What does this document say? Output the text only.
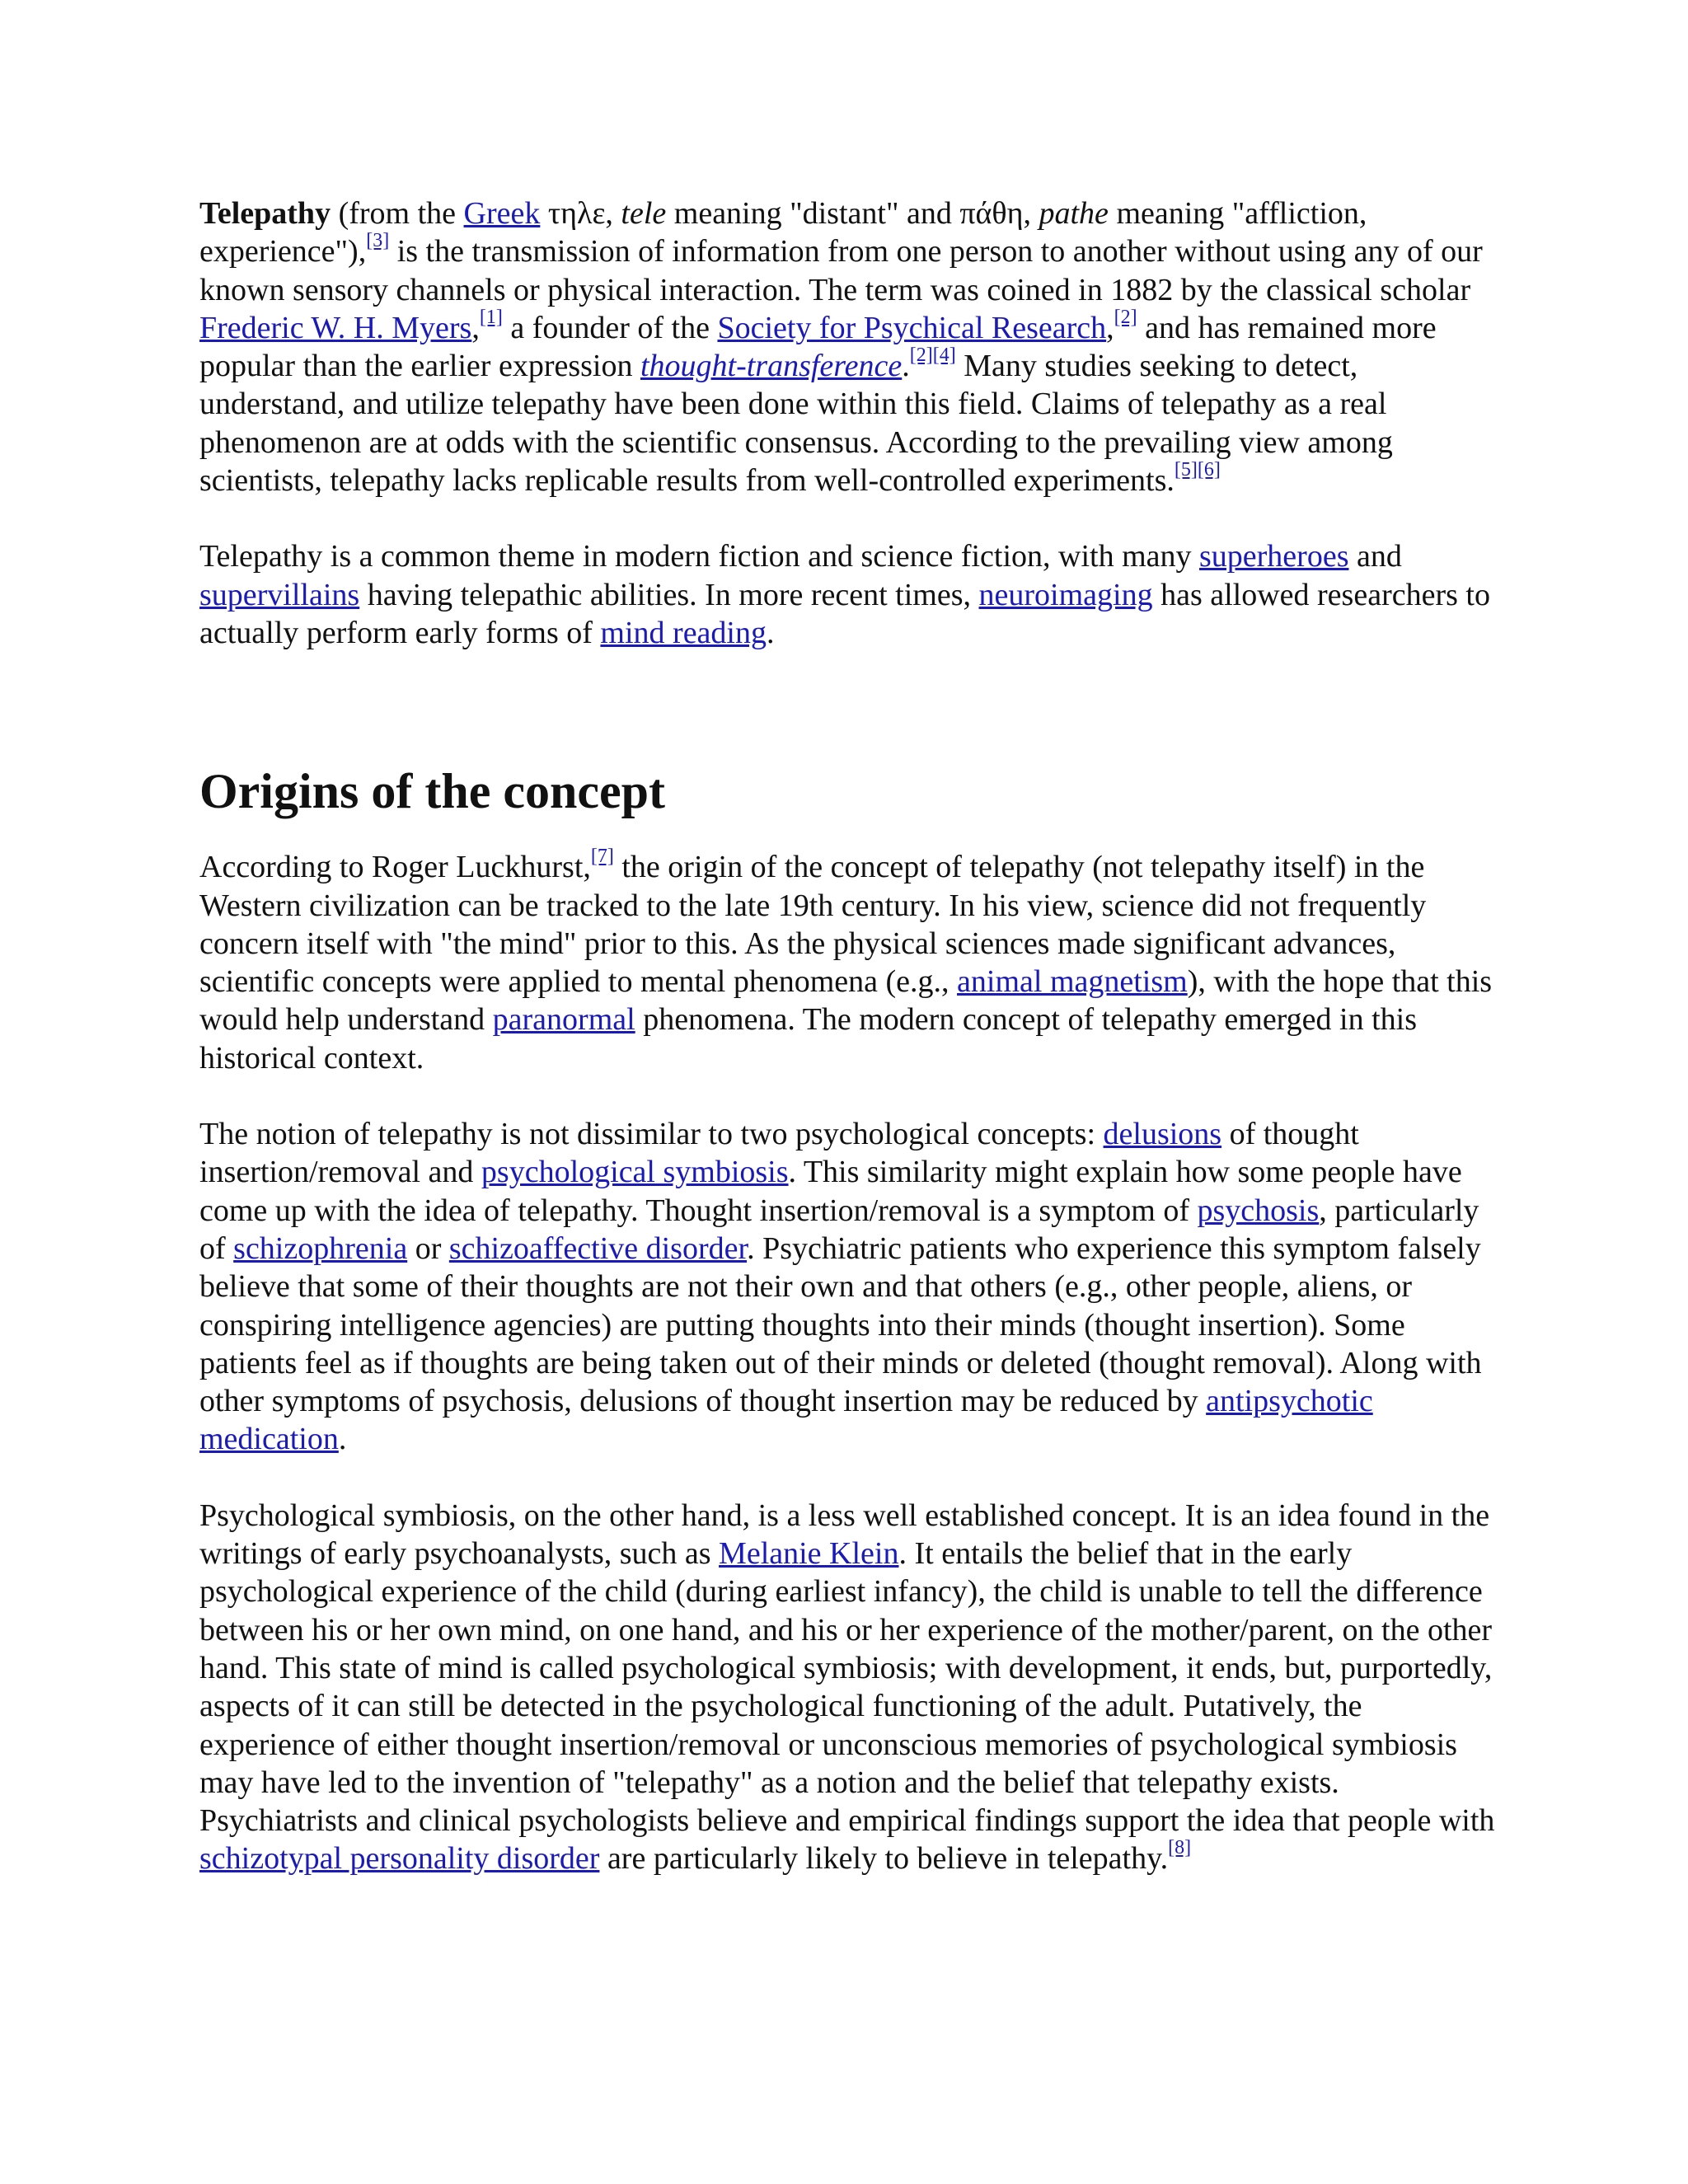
Telepathy (from the Greek τηλε, tele meaning "distant" and πάθη, pathe meaning "affliction, experience"),[3] is the transmission of information from one person to another without using any of our known sensory channels or physical interaction. The term was coined in 1882 by the classical scholar Frederic W. H. Myers,[1] a founder of the Society for Psychical Research,[2] and has remained more popular than the earlier expression thought-transference.[2][4] Many studies seeking to detect, understand, and utilize telepathy have been done within this field. Claims of telepathy as a real phenomenon are at odds with the scientific consensus. According to the prevailing view among scientists, telepathy lacks replicable results from well-controlled experiments.[5][6]

Telepathy is a common theme in modern fiction and science fiction, with many superheroes and supervillains having telepathic abilities. In more recent times, neuroimaging has allowed researchers to actually perform early forms of mind reading.

Origins of the concept

According to Roger Luckhurst,[7] the origin of the concept of telepathy (not telepathy itself) in the Western civilization can be tracked to the late 19th century. In his view, science did not frequently concern itself with "the mind" prior to this. As the physical sciences made significant advances, scientific concepts were applied to mental phenomena (e.g., animal magnetism), with the hope that this would help understand paranormal phenomena. The modern concept of telepathy emerged in this historical context.

The notion of telepathy is not dissimilar to two psychological concepts: delusions of thought insertion/removal and psychological symbiosis. This similarity might explain how some people have come up with the idea of telepathy. Thought insertion/removal is a symptom of psychosis, particularly of schizophrenia or schizoaffective disorder. Psychiatric patients who experience this symptom falsely believe that some of their thoughts are not their own and that others (e.g., other people, aliens, or conspiring intelligence agencies) are putting thoughts into their minds (thought insertion). Some patients feel as if thoughts are being taken out of their minds or deleted (thought removal). Along with other symptoms of psychosis, delusions of thought insertion may be reduced by antipsychotic medication.

Psychological symbiosis, on the other hand, is a less well established concept. It is an idea found in the writings of early psychoanalysts, such as Melanie Klein. It entails the belief that in the early psychological experience of the child (during earliest infancy), the child is unable to tell the difference between his or her own mind, on one hand, and his or her experience of the mother/parent, on the other hand. This state of mind is called psychological symbiosis; with development, it ends, but, purportedly, aspects of it can still be detected in the psychological functioning of the adult. Putatively, the experience of either thought insertion/removal or unconscious memories of psychological symbiosis may have led to the invention of "telepathy" as a notion and the belief that telepathy exists. Psychiatrists and clinical psychologists believe and empirical findings support the idea that people with schizotypal personality disorder are particularly likely to believe in telepathy.[8]
